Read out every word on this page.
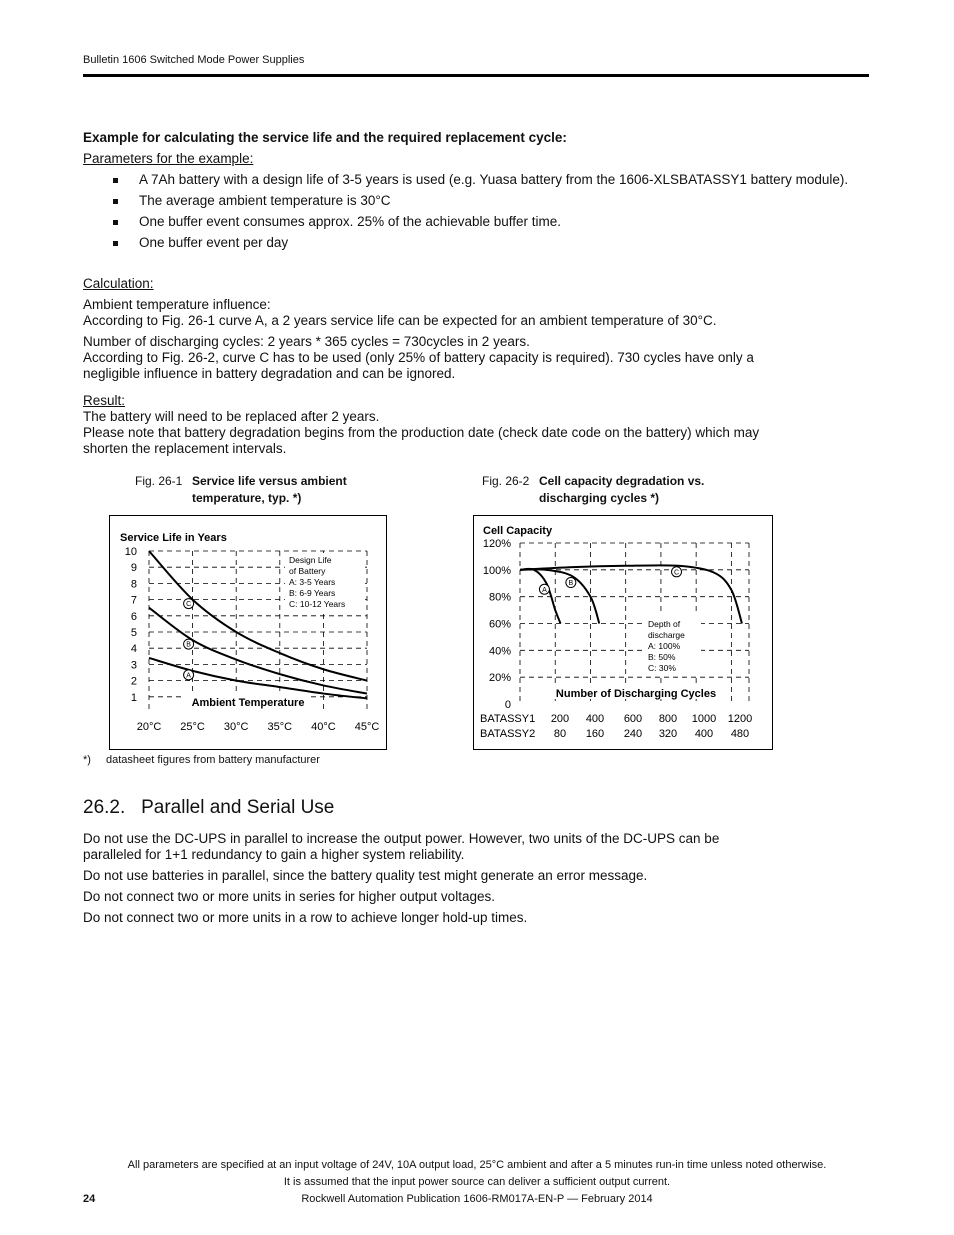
Bulletin 1606 Switched Mode Power Supplies
Example for calculating the service life and the required replacement cycle:
Parameters for the example:
A 7Ah battery with a design life of 3-5 years is used (e.g. Yuasa battery from the 1606-XLSBATASSY1 battery module).
The average ambient temperature is 30°C
One buffer event consumes approx. 25% of the achievable buffer time.
One buffer event per day
Calculation:
Ambient temperature influence:
According to Fig. 26-1 curve A, a 2 years service life can be expected for an ambient temperature of 30°C.
Number of discharging cycles: 2 years * 365 cycles = 730cycles in 2 years.
According to Fig. 26-2, curve C has to be used (only 25% of battery capacity is required). 730 cycles have only a
negligible influence in battery degradation and can be ignored.
Result:
The battery will need to be replaced after 2 years.
Please note that battery degradation begins from the production date (check date code on the battery) which may
shorten the replacement intervals.
Fig. 26-1 Service life versus ambient
temperature, typ. *)
Fig. 26-2 Cell capacity degradation vs.
discharging cycles *)
1
2
3
4
5
6
7
8
9
10
20°C 25°C 30°C 35°C 40°C 45°C
Service Life in Years
Ambient Temperature
Design Life
of Battery
A: 3-5 Years
B: 6-9 Years
C: 10-12 Years
A
B
C
0
20%
40%
60%
80%
100%
120%
BATASSY1
BATASSY2
200 400 600 800 1000 1200
80 160 240 320 400 480
Cell Capacity
Number of Discharging Cycles
Depth of
discharge
A: 100%
B: 50%
C: 30%
A
B
C
*) datasheet figures from battery manufacturer
26.2.   Parallel and Serial Use
Do not use the DC-UPS in parallel to increase the output power. However, two units of the DC-UPS can be
paralleled for 1+1 redundancy to gain a higher system reliability.
Do not use batteries in parallel, since the battery quality test might generate an error message.
Do not connect two or more units in series for higher output voltages.
Do not connect two or more units in a row to achieve longer hold-up times.
All parameters are specified at an input voltage of 24V, 10A output load, 25°C ambient and after a 5 minutes run-in time unless noted otherwise.
It is assumed that the input power source can deliver a sufficient output current.
24	Rockwell Automation Publication 1606-RM017A-EN-P — February 2014
